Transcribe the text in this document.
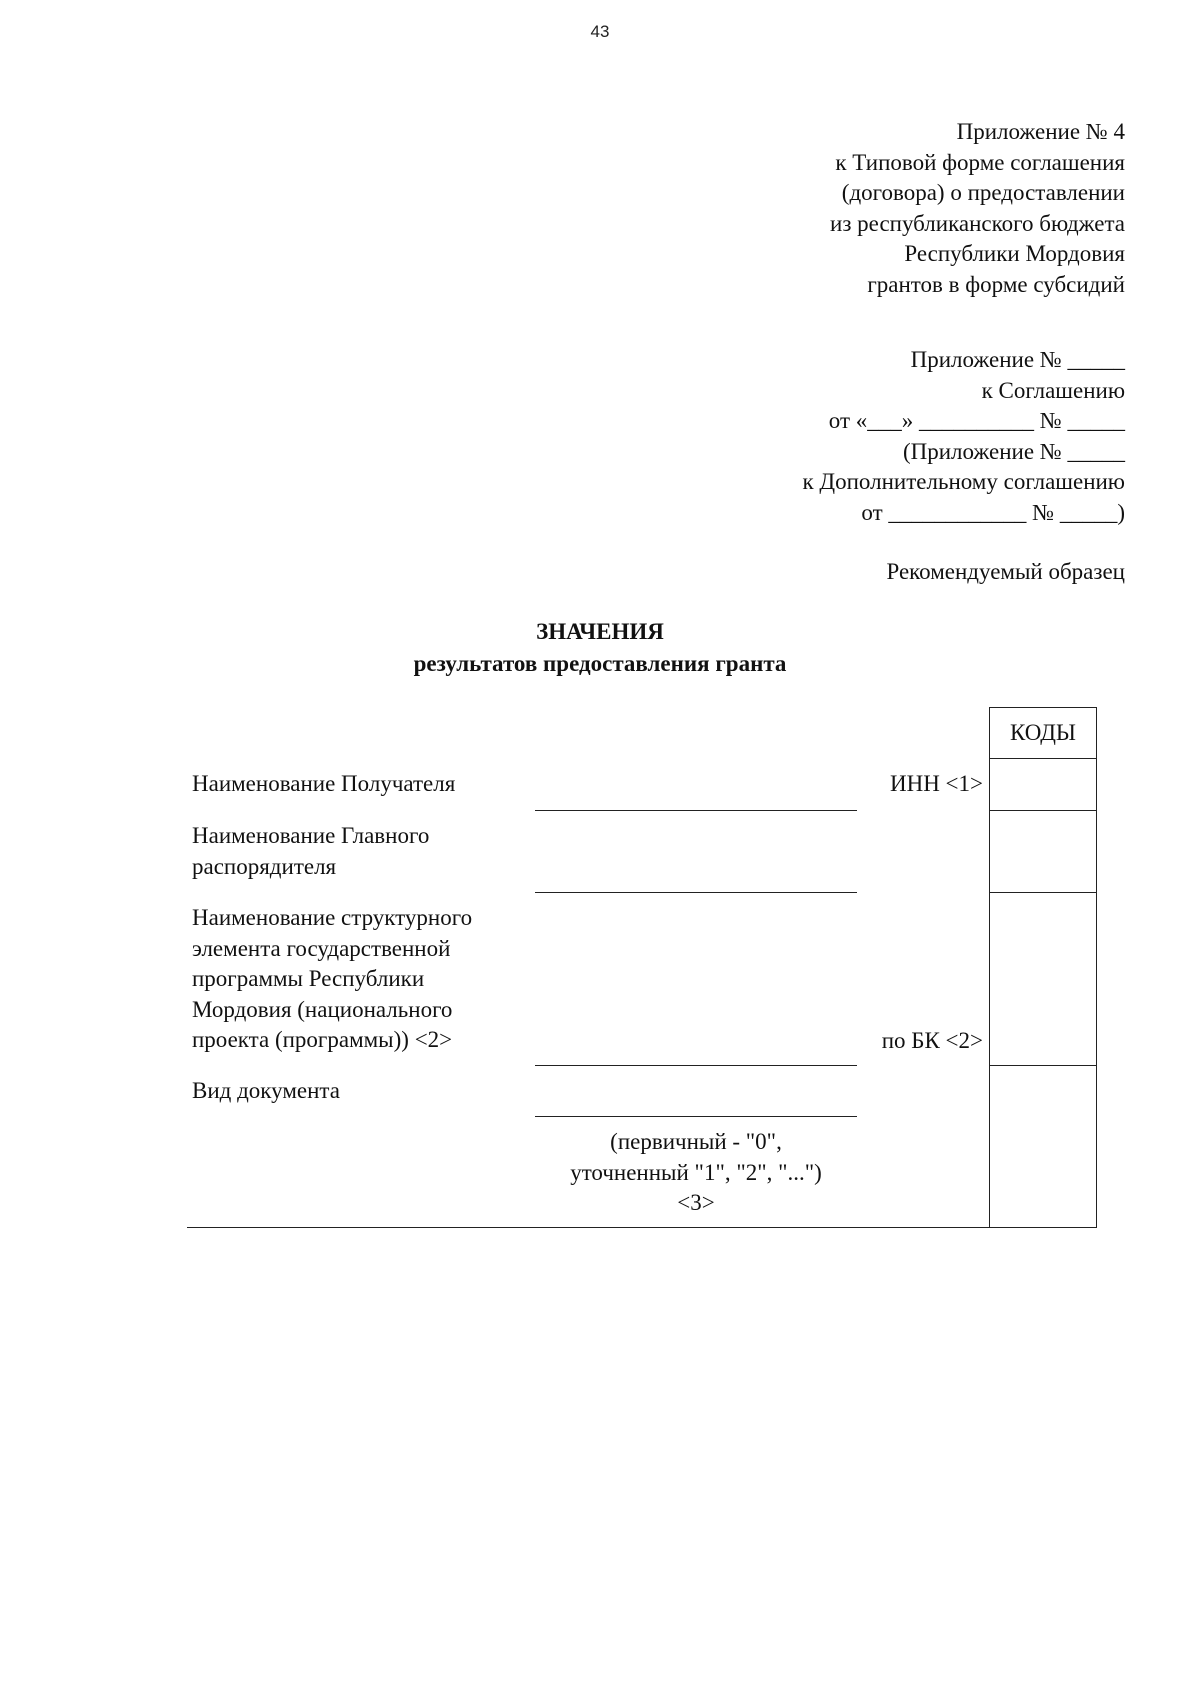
43
Приложение № 4
к Типовой форме соглашения
(договора) о предоставлении
из республиканского бюджета
Республики Мордовия
грантов в форме субсидий
Приложение № _____
к Соглашению
от «___» __________ № _____
(Приложение № _____
к Дополнительному соглашению
от ____________ № _____)
Рекомендуемый образец
ЗНАЧЕНИЯ
результатов предоставления гранта
КОДЫ
Наименование Получателя	ИНН <1>
Наименование Главного
распорядителя
Наименование структурного
элемента государственной
программы Республики
Мордовия (национального
проекта (программы)) <2>	по БК <2>
Вид документа
(первичный - "0",
уточненный "1", "2", "...")
<3>
